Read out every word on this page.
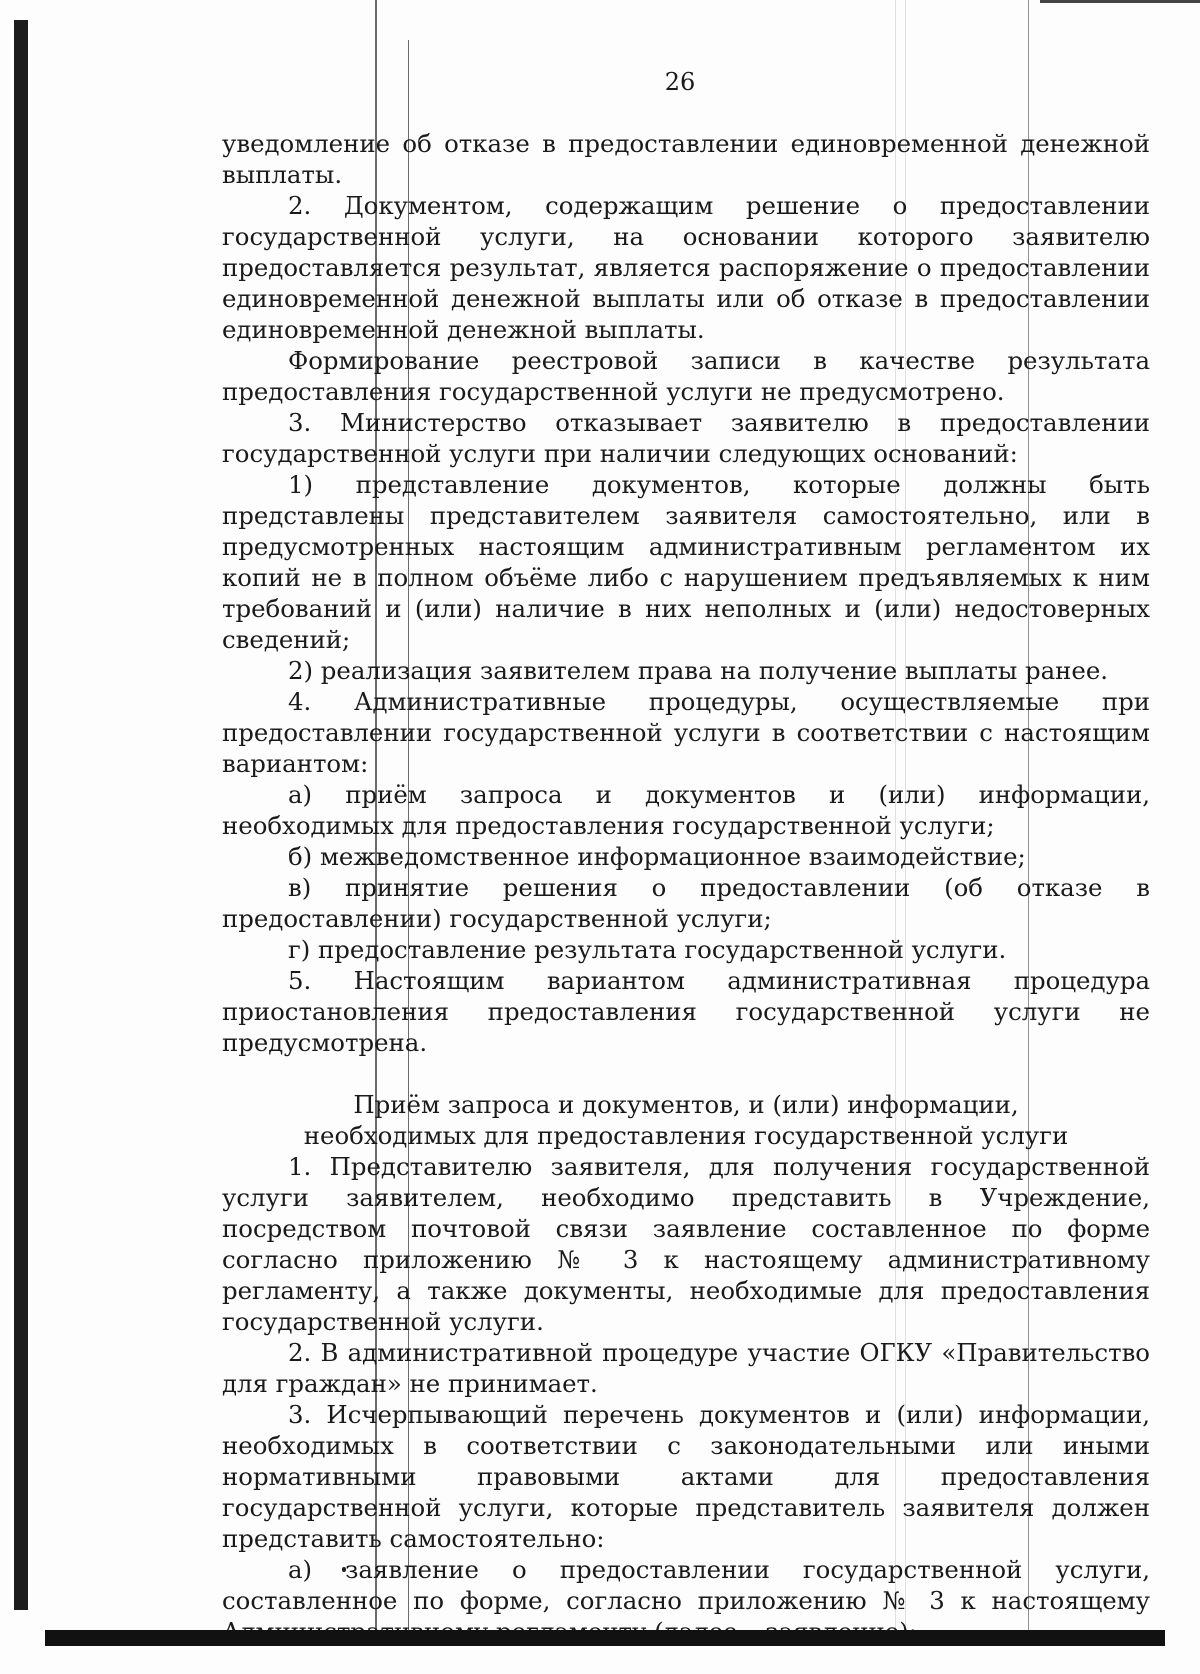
26

уведомление об отказе в предоставлении единовременной денежной выплаты.

2. Документом, содержащим решение о предоставлении государственной услуги, на основании которого заявителю предоставляется результат, является распоряжение о предоставлении единовременной денежной выплаты или об отказе в предоставлении единовременной денежной выплаты.

Формирование реестровой записи в качестве результата предоставления государственной услуги не предусмотрено.

3. Министерство отказывает заявителю в предоставлении государственной услуги при наличии следующих оснований:

1) представление документов, которые должны быть представлены представителем заявителя самостоятельно, или в предусмотренных настоящим административным регламентом их копий не в полном объёме либо с нарушением предъявляемых к ним требований и (или) наличие в них неполных и (или) недостоверных сведений;

2) реализация заявителем права на получение выплаты ранее.

4. Административные процедуры, осуществляемые при предоставлении государственной услуги в соответствии с настоящим вариантом:

а) приём запроса и документов и (или) информации, необходимых для предоставления государственной услуги;

б) межведомственное информационное взаимодействие;

в) принятие решения о предоставлении (об отказе в предоставлении) государственной услуги;

г) предоставление результата государственной услуги.

5. Настоящим вариантом административная процедура приостановления предоставления государственной услуги не предусмотрена.

Приём запроса и документов, и (или) информации, необходимых для предоставления государственной услуги

1. Представителю заявителя, для получения государственной услуги заявителем, необходимо представить в Учреждение, посредством почтовой связи заявление составленное по форме согласно приложению № 3 к настоящему административному регламенту, а также документы, необходимые для предоставления государственной услуги.

2. В административной процедуре участие ОГКУ «Правительство для граждан» не принимает.

3. Исчерпывающий перечень документов и (или) информации, необходимых в соответствии с законодательными или иными нормативными правовыми актами для предоставления государственной услуги, которые представитель заявителя должен представить самостоятельно:

а) заявление о предоставлении государственной услуги, составленное по форме, согласно приложению № 3 к настоящему
